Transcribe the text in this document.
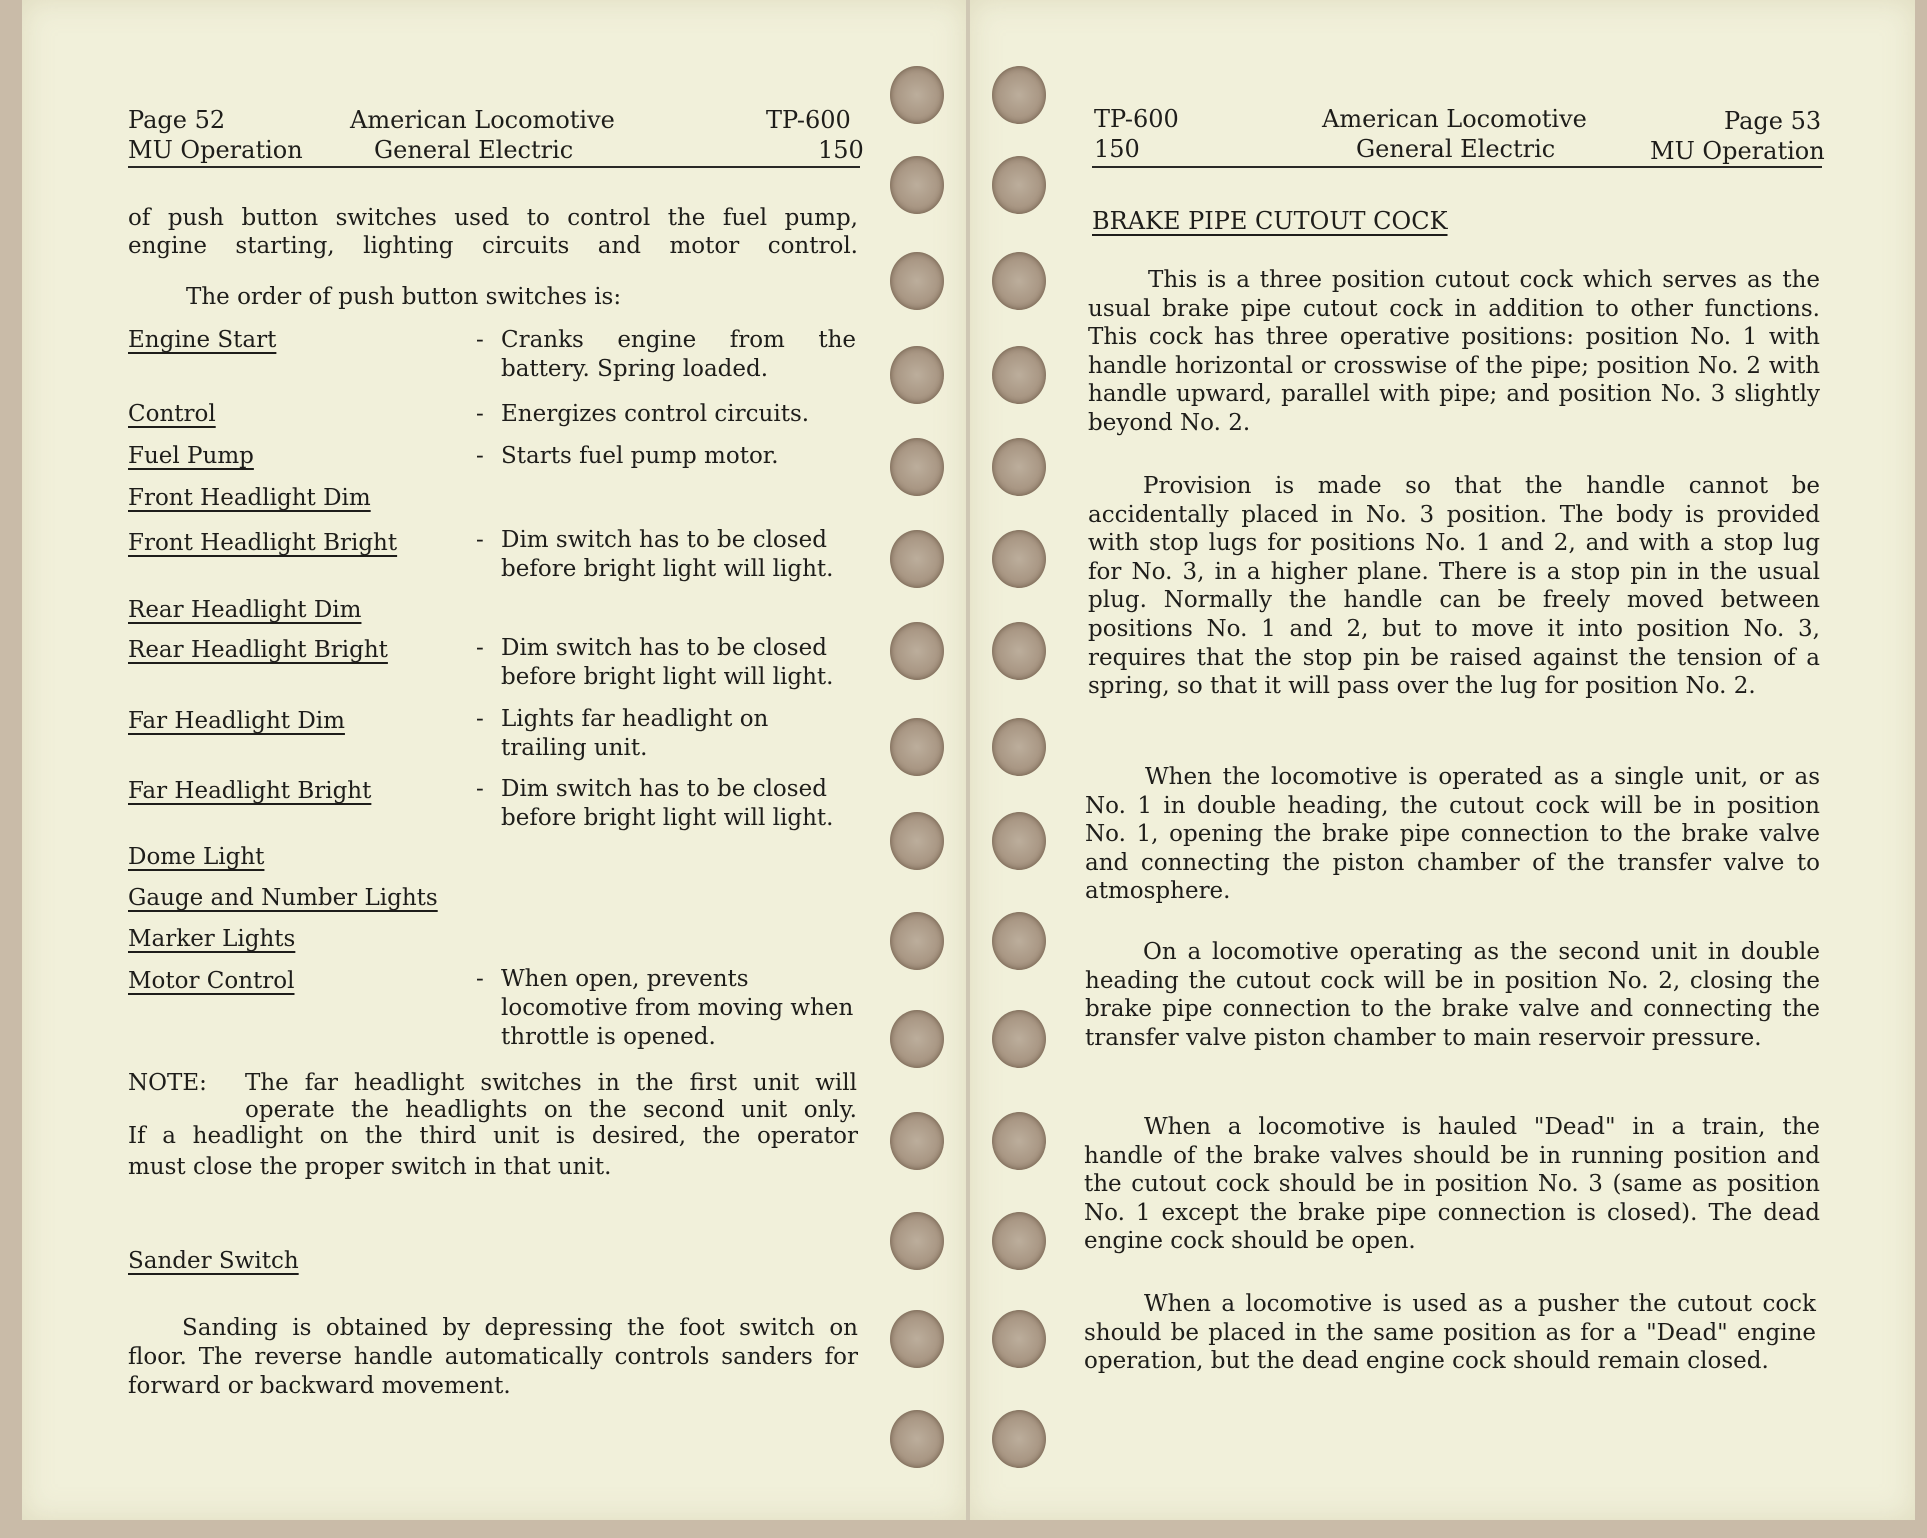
Page 52
MU Operation
American Locomotive
General Electric
TP-600
150
of push button switches used to control the fuel pump,
engine starting, lighting circuits and motor control.
The order of push button switches is:
Engine Start	- Cranks engine from the battery. Spring loaded.
Control	- Energizes control circuits.
Fuel Pump	- Starts fuel pump motor.
Front Headlight Dim
Front Headlight Bright	- Dim switch has to be closed before bright light will light.
Rear Headlight Dim
Rear Headlight Bright	- Dim switch has to be closed before bright light will light.
Far Headlight Dim	- Lights far headlight on trailing unit.
Far Headlight Bright	- Dim switch has to be closed before bright light will light.
Dome Light
Gauge and Number Lights
Marker Lights
Motor Control	- When open, prevents locomotive from moving when throttle is opened.
NOTE: The far headlight switches in the first unit will
operate the headlights on the second unit only.
If a headlight on the third unit is desired, the operator
must close the proper switch in that unit.
Sander Switch
Sanding is obtained by depressing the foot switch on floor. The reverse handle automatically controls sanders for forward or backward movement.
TP-600
150
American Locomotive
General Electric
Page 53
MU Operation
BRAKE PIPE CUTOUT COCK
This is a three position cutout cock which serves as the usual brake pipe cutout cock in addition to other functions. This cock has three operative positions: position No. 1 with handle horizontal or crosswise of the pipe; position No. 2 with handle upward, parallel with pipe; and position No. 3 slightly beyond No. 2.
Provision is made so that the handle cannot be accidentally placed in No. 3 position. The body is provided with stop lugs for positions No. 1 and 2, and with a stop lug for No. 3, in a higher plane. There is a stop pin in the usual plug. Normally the handle can be freely moved between positions No. 1 and 2, but to move it into position No. 3, requires that the stop pin be raised against the tension of a spring, so that it will pass over the lug for position No. 2.
When the locomotive is operated as a single unit, or as No. 1 in double heading, the cutout cock will be in position No. 1, opening the brake pipe connection to the brake valve and connecting the piston chamber of the transfer valve to atmosphere.
On a locomotive operating as the second unit in double heading the cutout cock will be in position No. 2, closing the brake pipe connection to the brake valve and connecting the transfer valve piston chamber to main reservoir pressure.
When a locomotive is hauled "Dead" in a train, the handle of the brake valves should be in running position and the cutout cock should be in position No. 3 (same as position No. 1 except the brake pipe connection is closed). The dead engine cock should be open.
When a locomotive is used as a pusher the cutout cock should be placed in the same position as for a "Dead" engine operation, but the dead engine cock should remain closed.
